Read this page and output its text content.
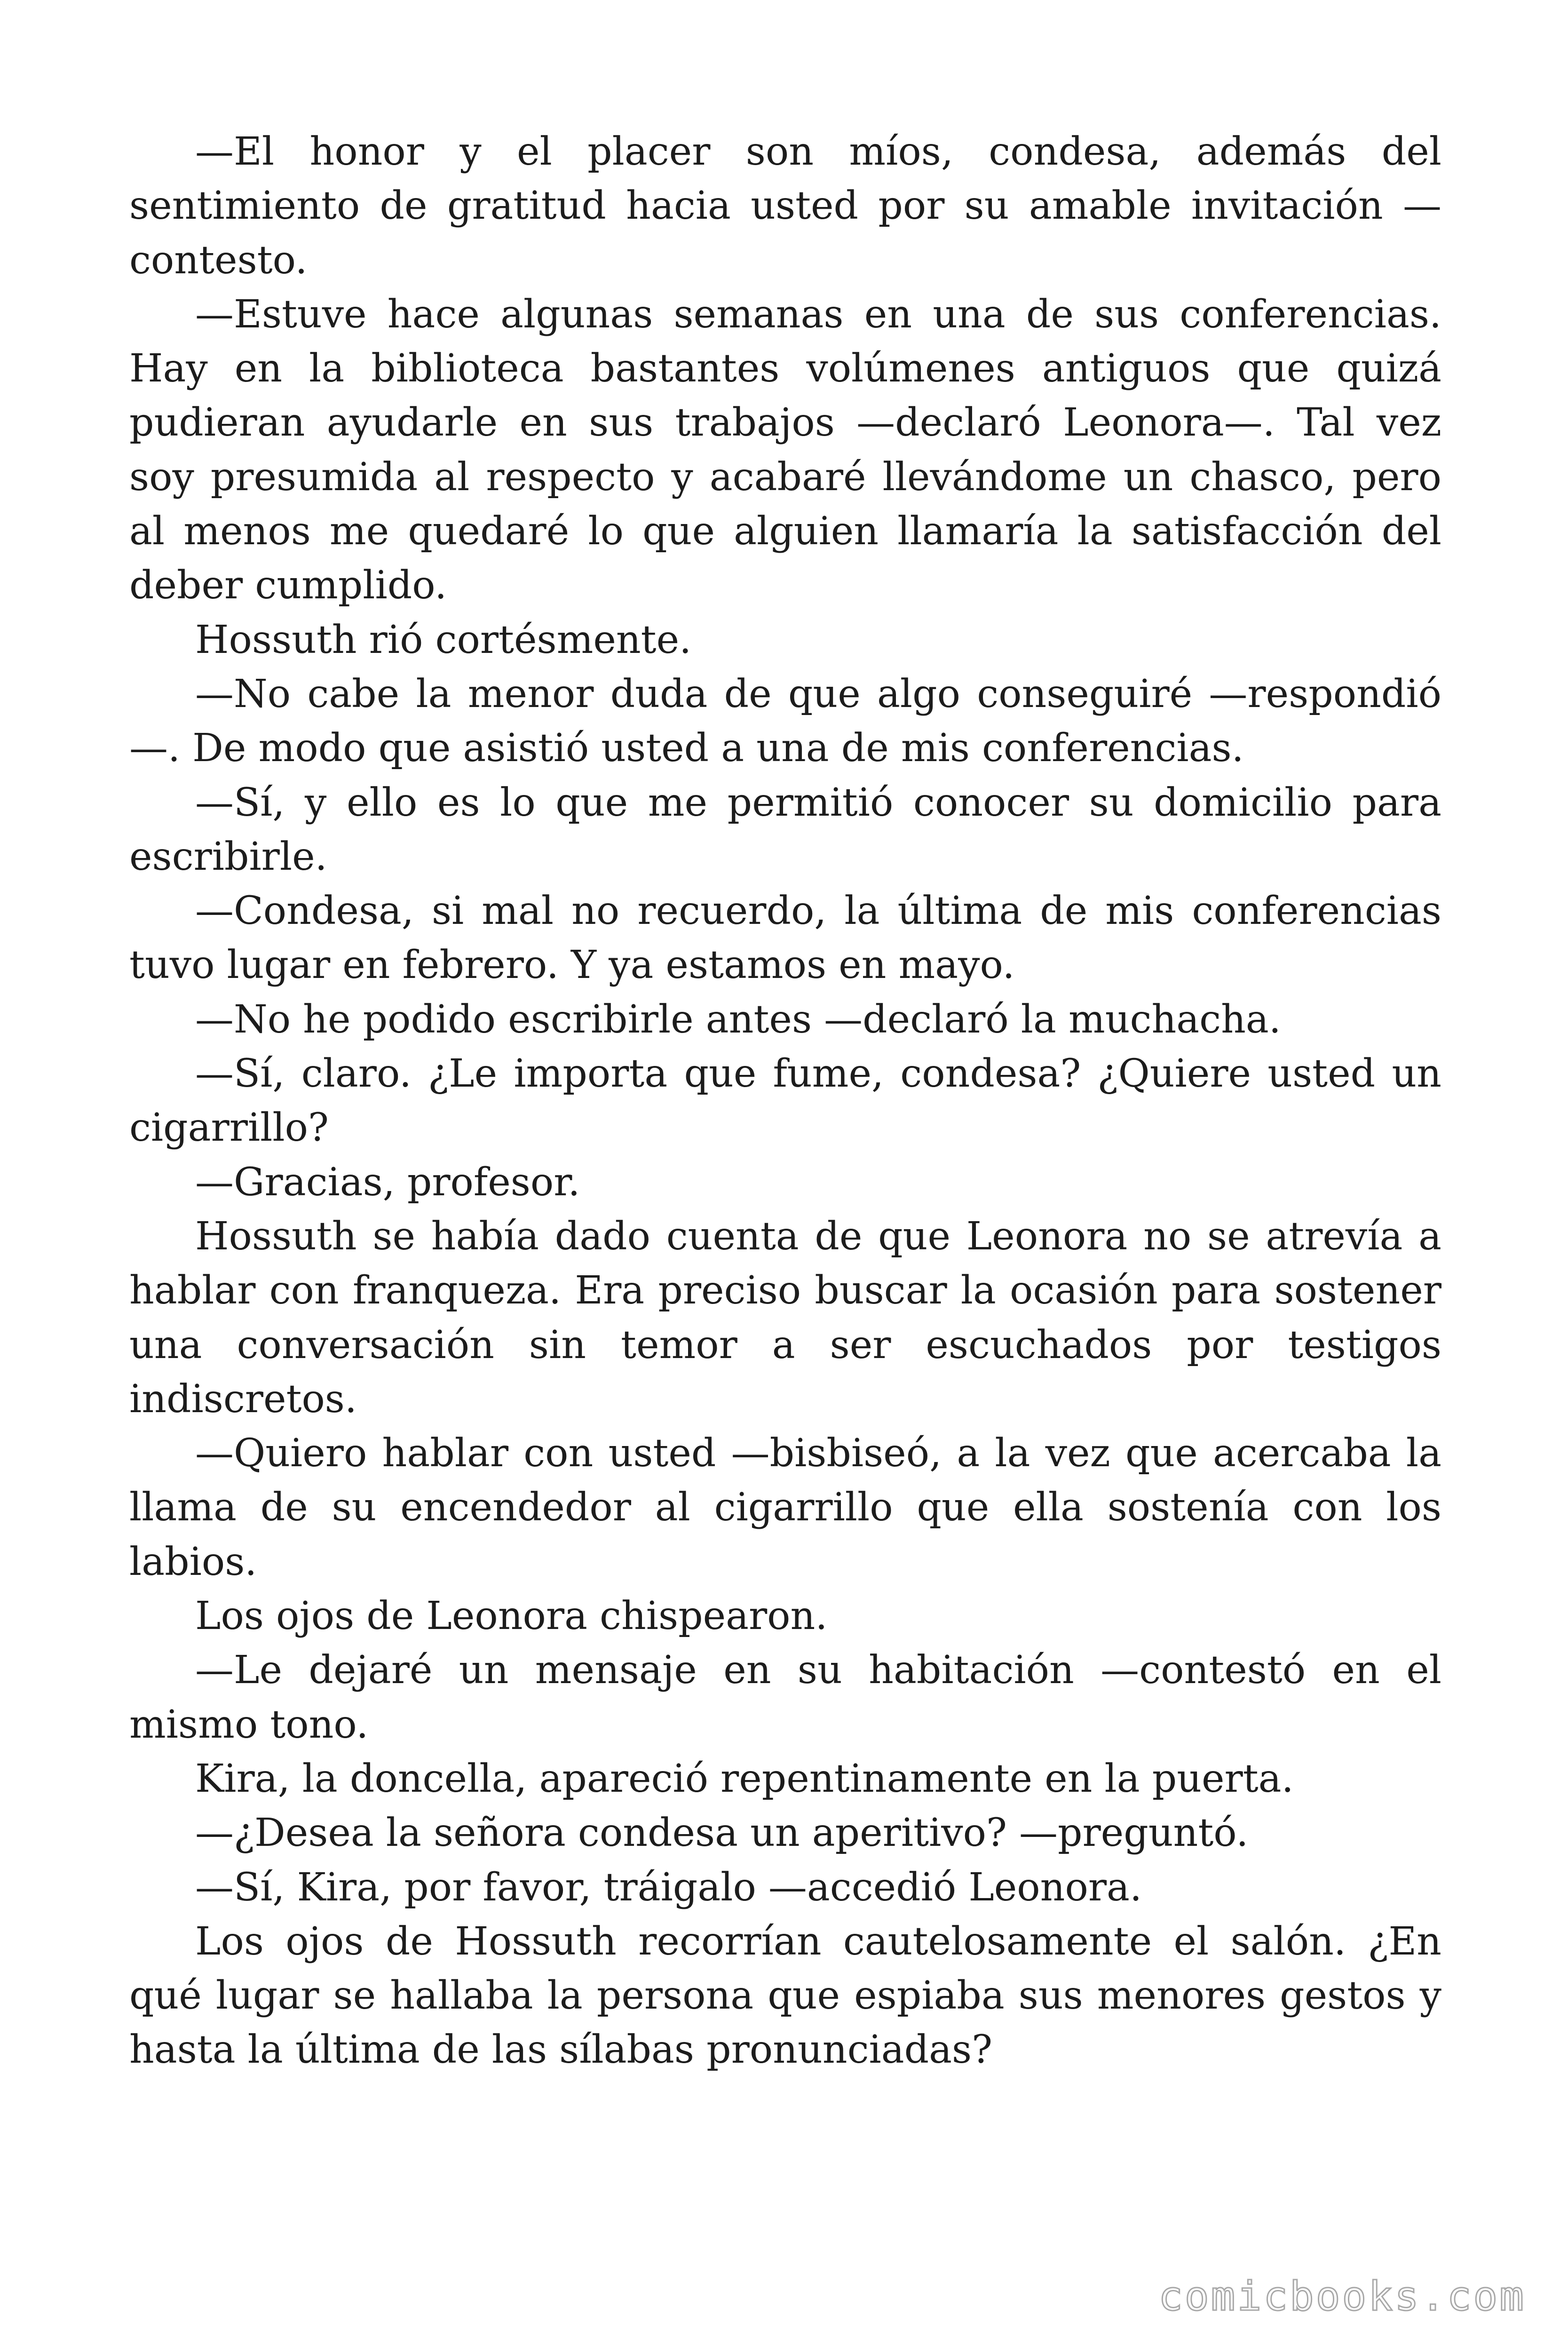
—El honor y el placer son míos, condesa, además del sentimiento de gratitud hacia usted por su amable invitación — contesto.

—Estuve hace algunas semanas en una de sus conferencias. Hay en la biblioteca bastantes volúmenes antiguos que quizá pudieran ayudarle en sus trabajos —declaró Leonora—. Tal vez soy presumida al respecto y acabaré llevándome un chasco, pero al menos me quedaré lo que alguien llamaría la satisfacción del deber cumplido.

Hossuth rió cortésmente.

—No cabe la menor duda de que algo conseguiré —respondió—. De modo que asistió usted a una de mis conferencias.

—Sí, y ello es lo que me permitió conocer su domicilio para escribirle.

—Condesa, si mal no recuerdo, la última de mis conferencias tuvo lugar en febrero. Y ya estamos en mayo.

—No he podido escribirle antes —declaró la muchacha.

—Sí, claro. ¿Le importa que fume, condesa? ¿Quiere usted un cigarrillo?

—Gracias, profesor.

Hossuth se había dado cuenta de que Leonora no se atrevía a hablar con franqueza. Era preciso buscar la ocasión para sostener una conversación sin temor a ser escuchados por testigos indiscretos.

—Quiero hablar con usted —bisbiseó, a la vez que acercaba la llama de su encendedor al cigarrillo que ella sostenía con los labios.

Los ojos de Leonora chispearon.

—Le dejaré un mensaje en su habitación —contestó en el mismo tono.

Kira, la doncella, apareció repentinamente en la puerta.

—¿Desea la señora condesa un aperitivo? —preguntó.

—Sí, Kira, por favor, tráigalo —accedió Leonora.

Los ojos de Hossuth recorrían cautelosamente el salón. ¿En qué lugar se hallaba la persona que espiaba sus menores gestos y hasta la última de las sílabas pronunciadas?

comicbooks.com
